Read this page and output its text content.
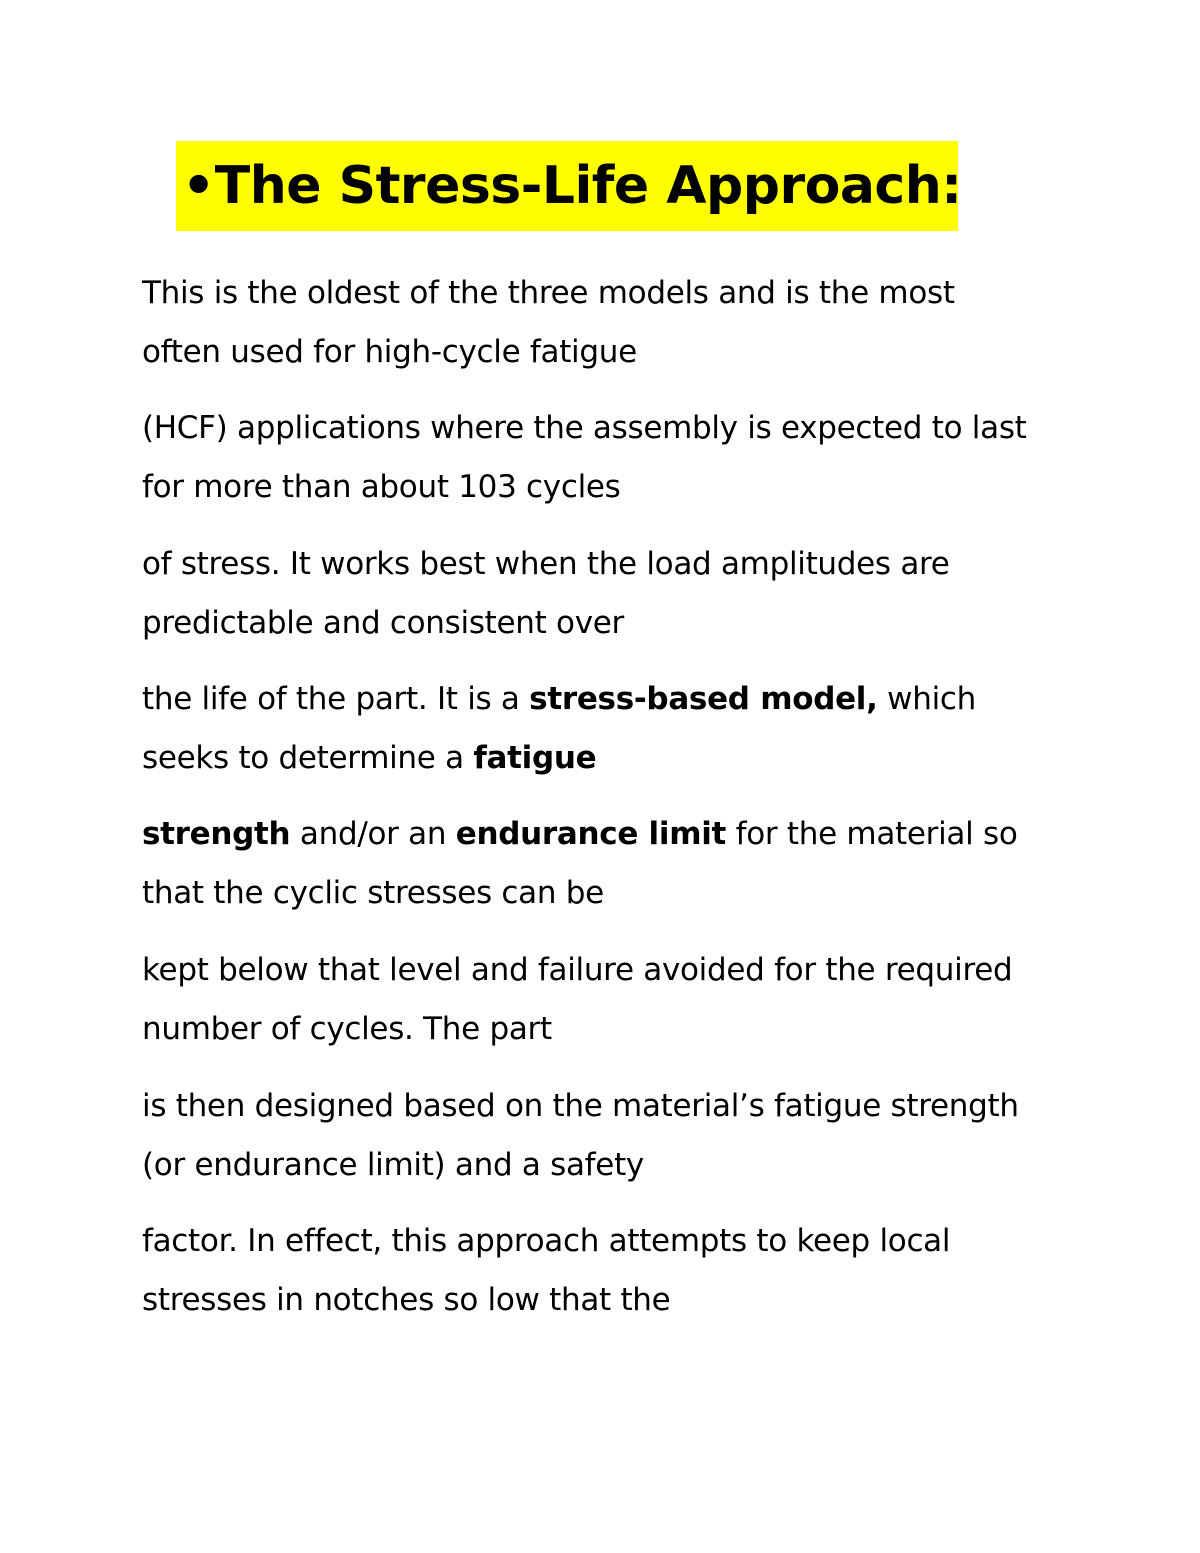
•The Stress-Life Approach:
This is the oldest of the three models and is the most
often used for high-cycle fatigue
(HCF) applications where the assembly is expected to last
for more than about 103 cycles
of stress. It works best when the load amplitudes are
predictable and consistent over
the life of the part. It is a stress-based model, which
seeks to determine a fatigue
strength and/or an endurance limit for the material so
that the cyclic stresses can be
kept below that level and failure avoided for the required
number of cycles. The part
is then designed based on the material’s fatigue strength
(or endurance limit) and a safety
factor. In effect, this approach attempts to keep local
stresses in notches so low that the
